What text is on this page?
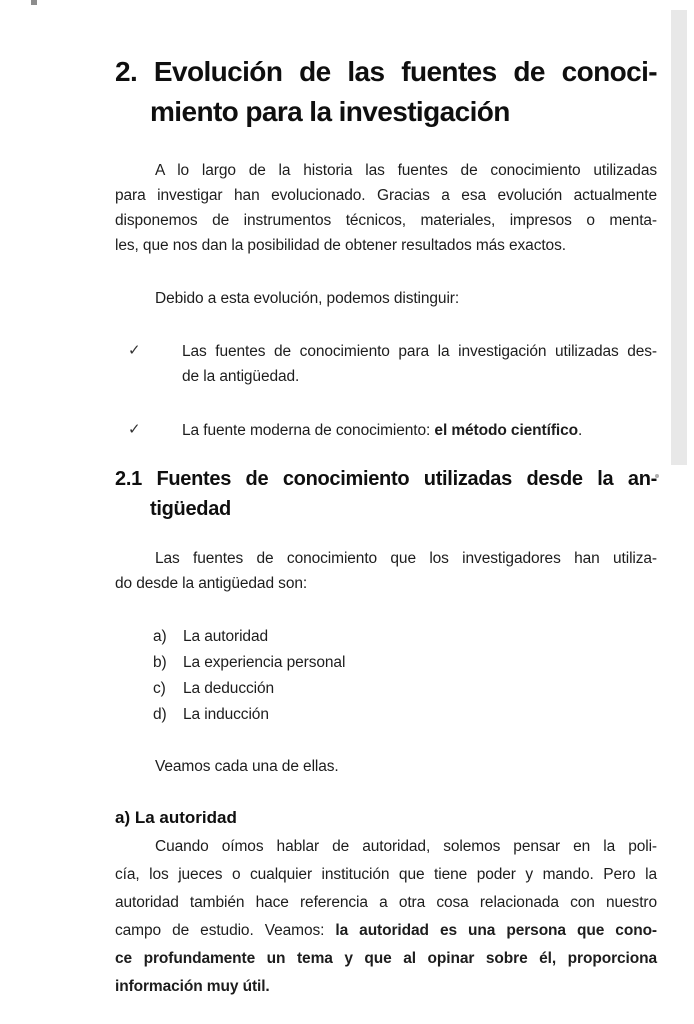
2. Evolución de las fuentes de conoci-
miento para la investigación
A lo largo de la historia las fuentes de conocimiento utilizadas
para investigar han evolucionado. Gracias a esa evolución actualmente
disponemos de instrumentos técnicos, materiales, impresos o menta-
les, que nos dan la posibilidad de obtener resultados más exactos.
Debido a esta evolución, podemos distinguir:
✓	Las fuentes de conocimiento para la investigación utilizadas des-
de la antigüedad.
✓	La fuente moderna de conocimiento: el método científico.
2.1 Fuentes de conocimiento utilizadas desde la an-
tigüedad
Las fuentes de conocimiento que los investigadores han utiliza-
do desde la antigüedad son:
a) La autoridad
b) La experiencia personal
c) La deducción
d) La inducción
Veamos cada una de ellas.
a) La autoridad
Cuando oímos hablar de autoridad, solemos pensar en la poli-
cía, los jueces o cualquier institución que tiene poder y mando. Pero la
autoridad también hace referencia a otra cosa relacionada con nuestro
campo de estudio. Veamos: la autoridad es una persona que cono-
ce profundamente un tema y que al opinar sobre él, proporciona
información muy útil.
